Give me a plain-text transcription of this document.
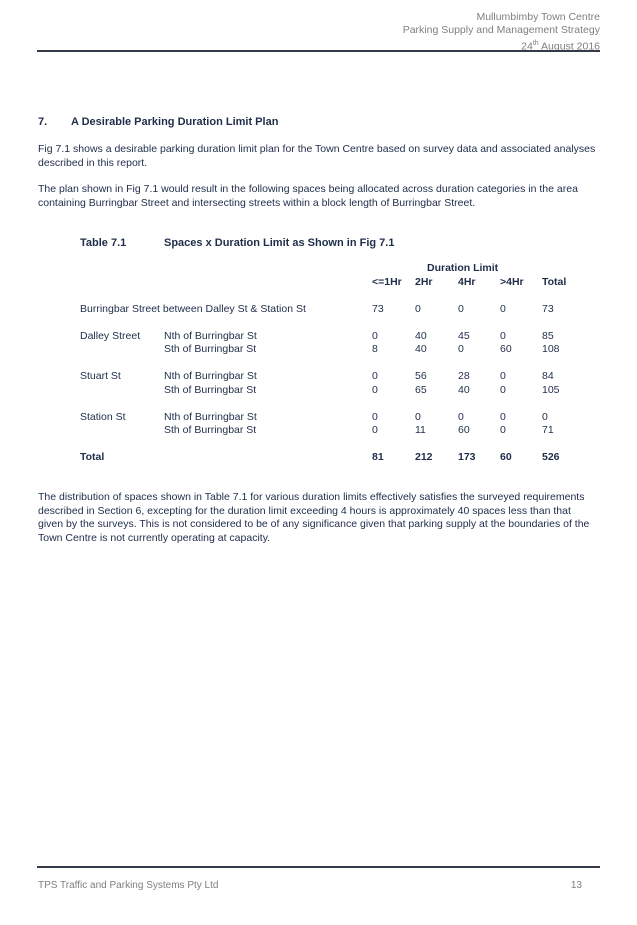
Mullumbimby Town Centre
Parking Supply and Management Strategy
24th August 2016
7. A Desirable Parking Duration Limit Plan
Fig 7.1 shows a desirable parking duration limit plan for the Town Centre based on survey data and associated analyses described in this report.
The plan shown in Fig 7.1 would result in the following spaces being allocated across duration categories in the area containing Burringbar Street and intersecting streets within a block length of Burringbar Street.
Table 7.1	Spaces x Duration Limit as Shown in Fig 7.1
		Duration Limit				
		<=1Hr	2Hr	4Hr	>4Hr	Total

Burringbar Street between Dalley St & Station St		73	0	0	0	73

Dalley Street	Nth of Burringbar St	0	40	45	0	85
	Sth of Burringbar St	8	40	0	60	108

Stuart St	Nth of Burringbar St	0	56	28	0	84
	Sth of Burringbar St	0	65	40	0	105

Station St	Nth of Burringbar St	0	0	0	0	0
	Sth of Burringbar St	0	11	60	0	71

Total		81	212	173	60	526
The distribution of spaces shown in Table 7.1 for various duration limits effectively satisfies the surveyed requirements described in Section 6, excepting for the duration limit exceeding 4 hours is approximately 40 spaces less than that given by the surveys. This is not considered to be of any significance given that parking supply at the boundaries of the Town Centre is not currently operating at capacity.
TPS Traffic and Parking Systems Pty Ltd	13
